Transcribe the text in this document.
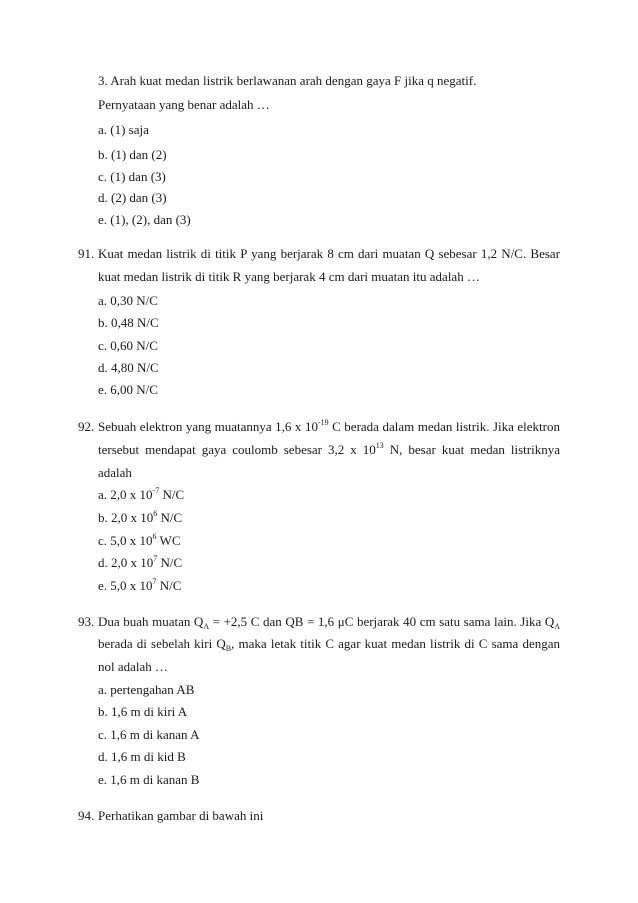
3. Arah kuat medan listrik berlawanan arah dengan gaya F jika q negatif.
Pernyataan yang benar adalah …
a. (1) saja
b. (1) dan (2)
c. (1) dan (3)
d. (2) dan (3)
e. (1), (2), dan (3)
91. Kuat medan listrik di titik P yang berjarak 8 cm dari muatan Q sebesar 1,2 N/C. Besar
kuat medan listrik di titik R yang berjarak 4 cm dari muatan itu adalah …
a. 0,30 N/C
b. 0,48 N/C
c. 0,60 N/C
d. 4,80 N/C
e. 6,00 N/C
92. Sebuah elektron yang muatannya 1,6 x $10^{-19}$ C berada dalam medan listrik. Jika elektron
tersebut mendapat gaya coulomb sebesar 3,2 x $10^{13}$ N, besar kuat medan listriknya
adalah
a. 2,0 x $10^{-7}$ N/C
b. 2,0 x $10^6$ N/C
c. 5,0 x $10^6$ WC
d. 2,0 x $10^7$ N/C
e. 5,0 x $10^7$ N/C
93. Dua buah muatan $Q_A = +2,5$ C dan QB = 1,6 μC berjarak 40 cm satu sama lain. Jika $Q_A$
berada di sebelah kiri $Q_B$, maka letak titik C agar kuat medan listrik di C sama dengan
nol adalah …
a. pertengahan AB
b. 1,6 m di kiri A
c. 1,6 m di kanan A
d. 1,6 m di kid B
e. 1,6 m di kanan B
94. Perhatikan gambar di bawah ini
